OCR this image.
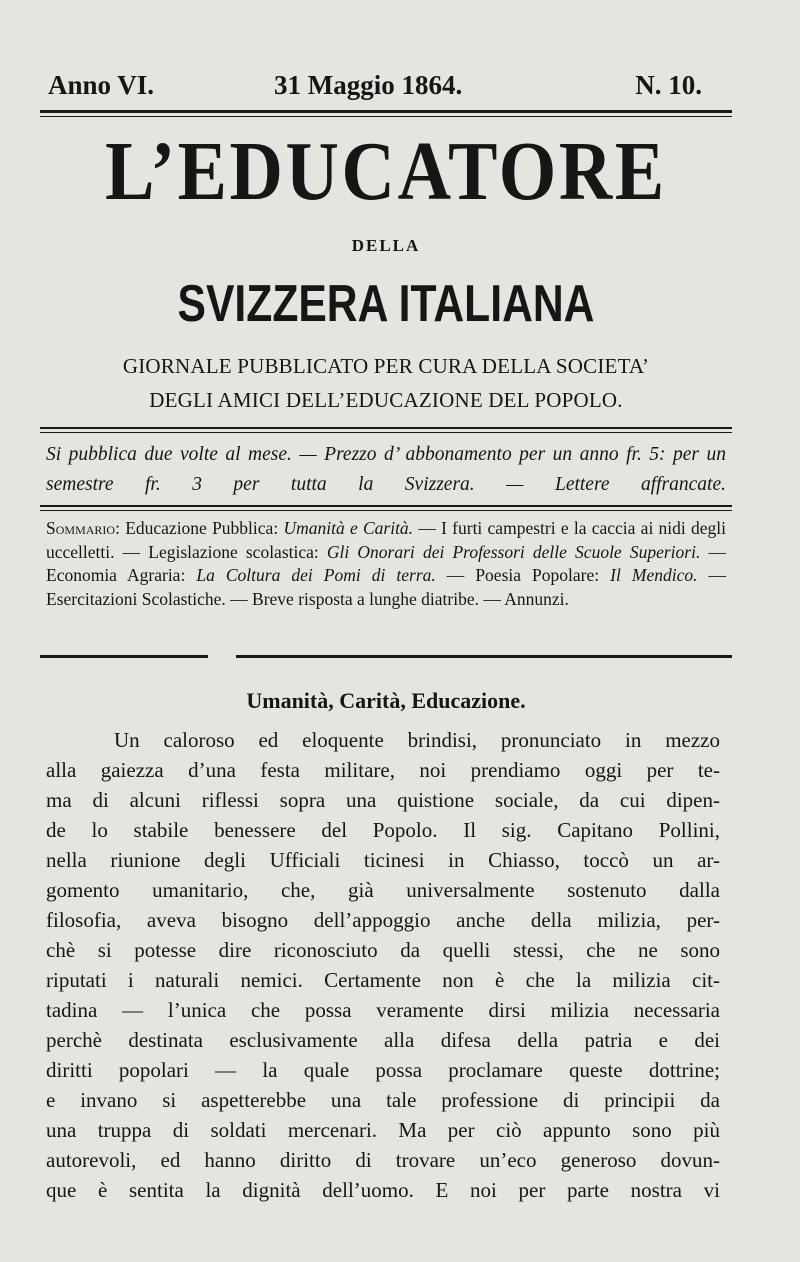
Anno VI.	31 Maggio 1864.	N. 10.
L’EDUCATORE
DELLA
SVIZZERA ITALIANA
GIORNALE PUBBLICATO PER CURA DELLA SOCIETA’
DEGLI AMICI DELL’EDUCAZIONE DEL POPOLO.
Si pubblica due volte al mese. — Prezzo d’ abbonamento per un anno fr. 5: per un semestre fr. 3 per tutta la Svizzera. — Lettere affrancate.
Sommario: Educazione Pubblica: Umanità e Carità. — I furti campestri e la caccia ai nidi degli uccelletti. — Legislazione scolastica: Gli Onorari dei Professori delle Scuole Superiori. — Economia Agraria: La Coltura dei Pomi di terra. — Poesia Popolare: Il Mendico. — Esercitazioni Scolastiche. — Breve risposta a lunghe diatribe. — Annunzi.
Umanità, Carità, Educazione.
Un caloroso ed eloquente brindisi, pronunciato in mezzo
alla gaiezza d’una festa militare, noi prendiamo oggi per te-
ma di alcuni riflessi sopra una quistione sociale, da cui dipen-
de lo stabile benessere del Popolo. Il sig. Capitano Pollini,
nella riunione degli Ufficiali ticinesi in Chiasso, toccò un ar-
gomento umanitario, che, già universalmente sostenuto dalla
filosofia, aveva bisogno dell’appoggio anche della milizia, per-
chè si potesse dire riconosciuto da quelli stessi, che ne sono
riputati i naturali nemici. Certamente non è che la milizia cit-
tadina — l’unica che possa veramente dirsi milizia necessaria
perchè destinata esclusivamente alla difesa della patria e dei
diritti popolari — la quale possa proclamare queste dottrine;
e invano si aspetterebbe una tale professione di principii da
una truppa di soldati mercenari. Ma per ciò appunto sono più
autorevoli, ed hanno diritto di trovare un’eco generoso dovun-
que è sentita la dignità dell’uomo. E noi per parte nostra vi
